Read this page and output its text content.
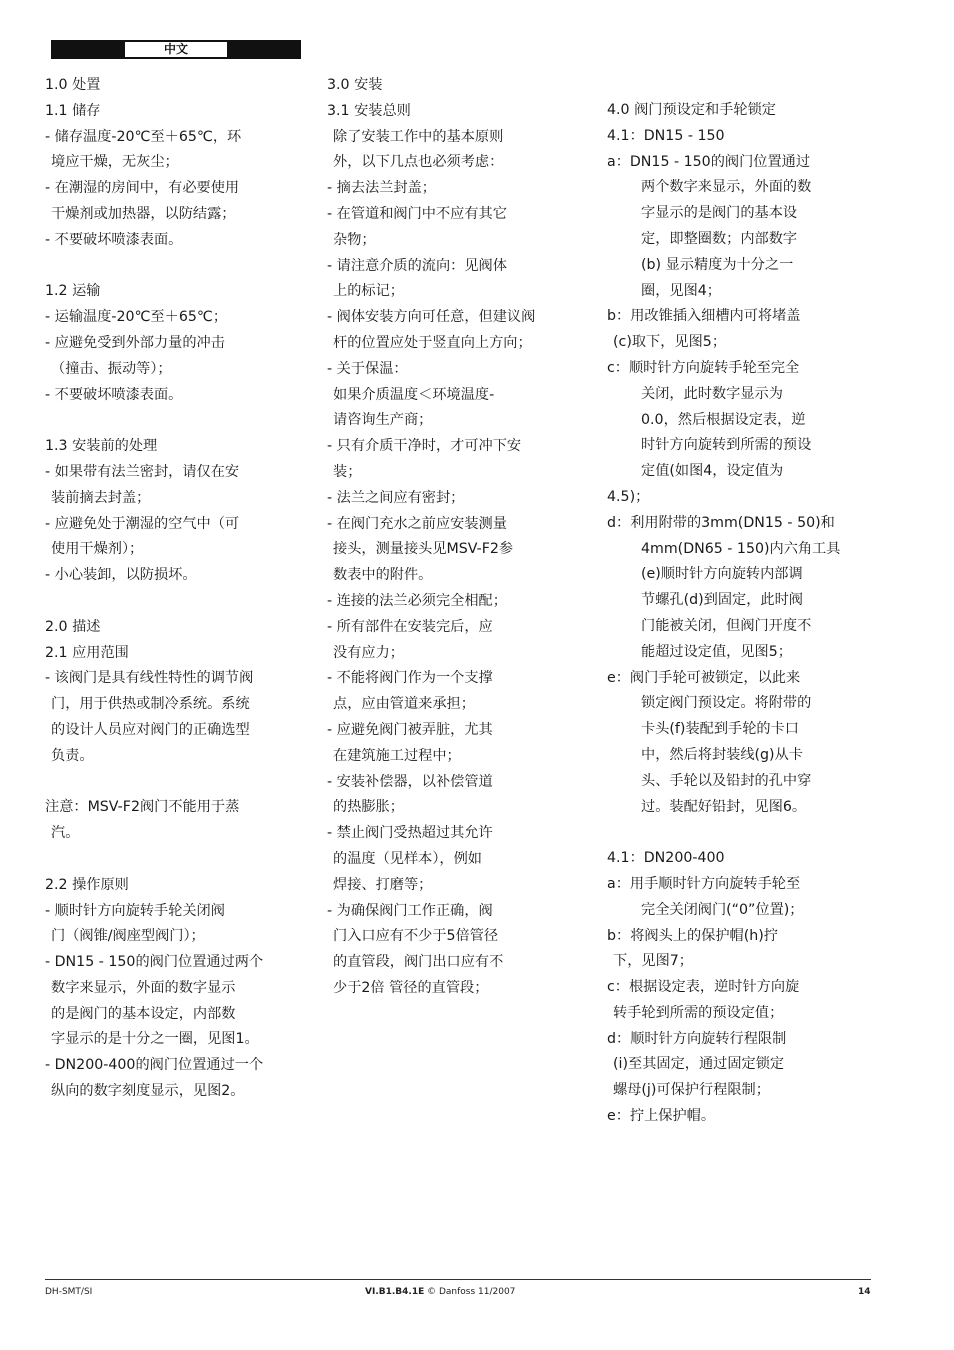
中文
1.0 处置
1.1 储存
- 储存温度-20℃至＋65℃，环
境应干燥，无灰尘；
- 在潮湿的房间中，有必要使用
干燥剂或加热器，以防结露；
- 不要破坏喷漆表面。
1.2 运输
- 运输温度-20℃至＋65℃；
- 应避免受到外部力量的冲击
（撞击、振动等）；
- 不要破坏喷漆表面。
1.3 安装前的处理
- 如果带有法兰密封，请仅在安
装前摘去封盖；
- 应避免处于潮湿的空气中（可
使用干燥剂）；
- 小心装卸，以防损坏。
2.0 描述
2.1 应用范围
- 该阀门是具有线性特性的调节阀
门，用于供热或制冷系统。系统
的设计人员应对阀门的正确选型
负责。
注意：MSV-F2阀门不能用于蒸
汽。
2.2 操作原则
- 顺时针方向旋转手轮关闭阀
门（阀锥/阀座型阀门）；
- DN15 - 150的阀门位置通过两个
数字来显示，外面的数字显示
的是阀门的基本设定，内部数
字显示的是十分之一圈，见图1。
- DN200-400的阀门位置通过一个
纵向的数字刻度显示，见图2。
3.0 安装
3.1 安装总则
除了安装工作中的基本原则
外，以下几点也必须考虑：
- 摘去法兰封盖；
- 在管道和阀门中不应有其它
杂物；
- 请注意介质的流向：见阀体
上的标记；
- 阀体安装方向可任意，但建议阀
杆的位置应处于竖直向上方向；
- 关于保温：
如果介质温度＜环境温度-
请咨询生产商；
- 只有介质干净时，才可冲下安
装；
- 法兰之间应有密封；
- 在阀门充水之前应安装测量
接头，测量接头见MSV-F2参
数表中的附件。
- 连接的法兰必须完全相配；
- 所有部件在安装完后，应
没有应力；
- 不能将阀门作为一个支撑
点，应由管道来承担；
- 应避免阀门被弄脏，尤其
在建筑施工过程中；
- 安装补偿器，以补偿管道
的热膨胀；
- 禁止阀门受热超过其允许
的温度（见样本），例如
焊接、打磨等；
- 为确保阀门工作正确，阀
门入口应有不少于5倍管径
的直管段，阀门出口应有不
少于2倍 管径的直管段；
4.0 阀门预设定和手轮锁定
4.1：DN15 - 150
a：DN15 - 150的阀门位置通过
两个数字来显示，外面的数
字显示的是阀门的基本设
定，即整圈数；内部数字
(b) 显示精度为十分之一
圈，见图4；
b：用改锥插入细槽内可将堵盖
(c)取下，见图5；
c：顺时针方向旋转手轮至完全
关闭，此时数字显示为
0.0，然后根据设定表，逆
时针方向旋转到所需的预设
定值(如图4，设定值为
4.5)；
d：利用附带的3mm(DN15 - 50)和
4mm(DN65 - 150)内六角工具
(e)顺时针方向旋转内部调
节螺孔(d)到固定，此时阀
门能被关闭，但阀门开度不
能超过设定值，见图5；
e：阀门手轮可被锁定，以此来
锁定阀门预设定。将附带的
卡头(f)装配到手轮的卡口
中，然后将封装线(g)从卡
头、手轮以及铅封的孔中穿
过。装配好铅封，见图6。
4.1：DN200-400
a：用手顺时针方向旋转手轮至
完全关闭阀门(“0”位置)；
b：将阀头上的保护帽(h)拧
下，见图7；
c：根据设定表，逆时针方向旋
转手轮到所需的预设定值；
d：顺时针方向旋转行程限制
(i)至其固定，通过固定锁定
螺母(j)可保护行程限制；
e：拧上保护帽。
DH-SMT/SI	VI.B1.B4.1E © Danfoss 11/2007	14
